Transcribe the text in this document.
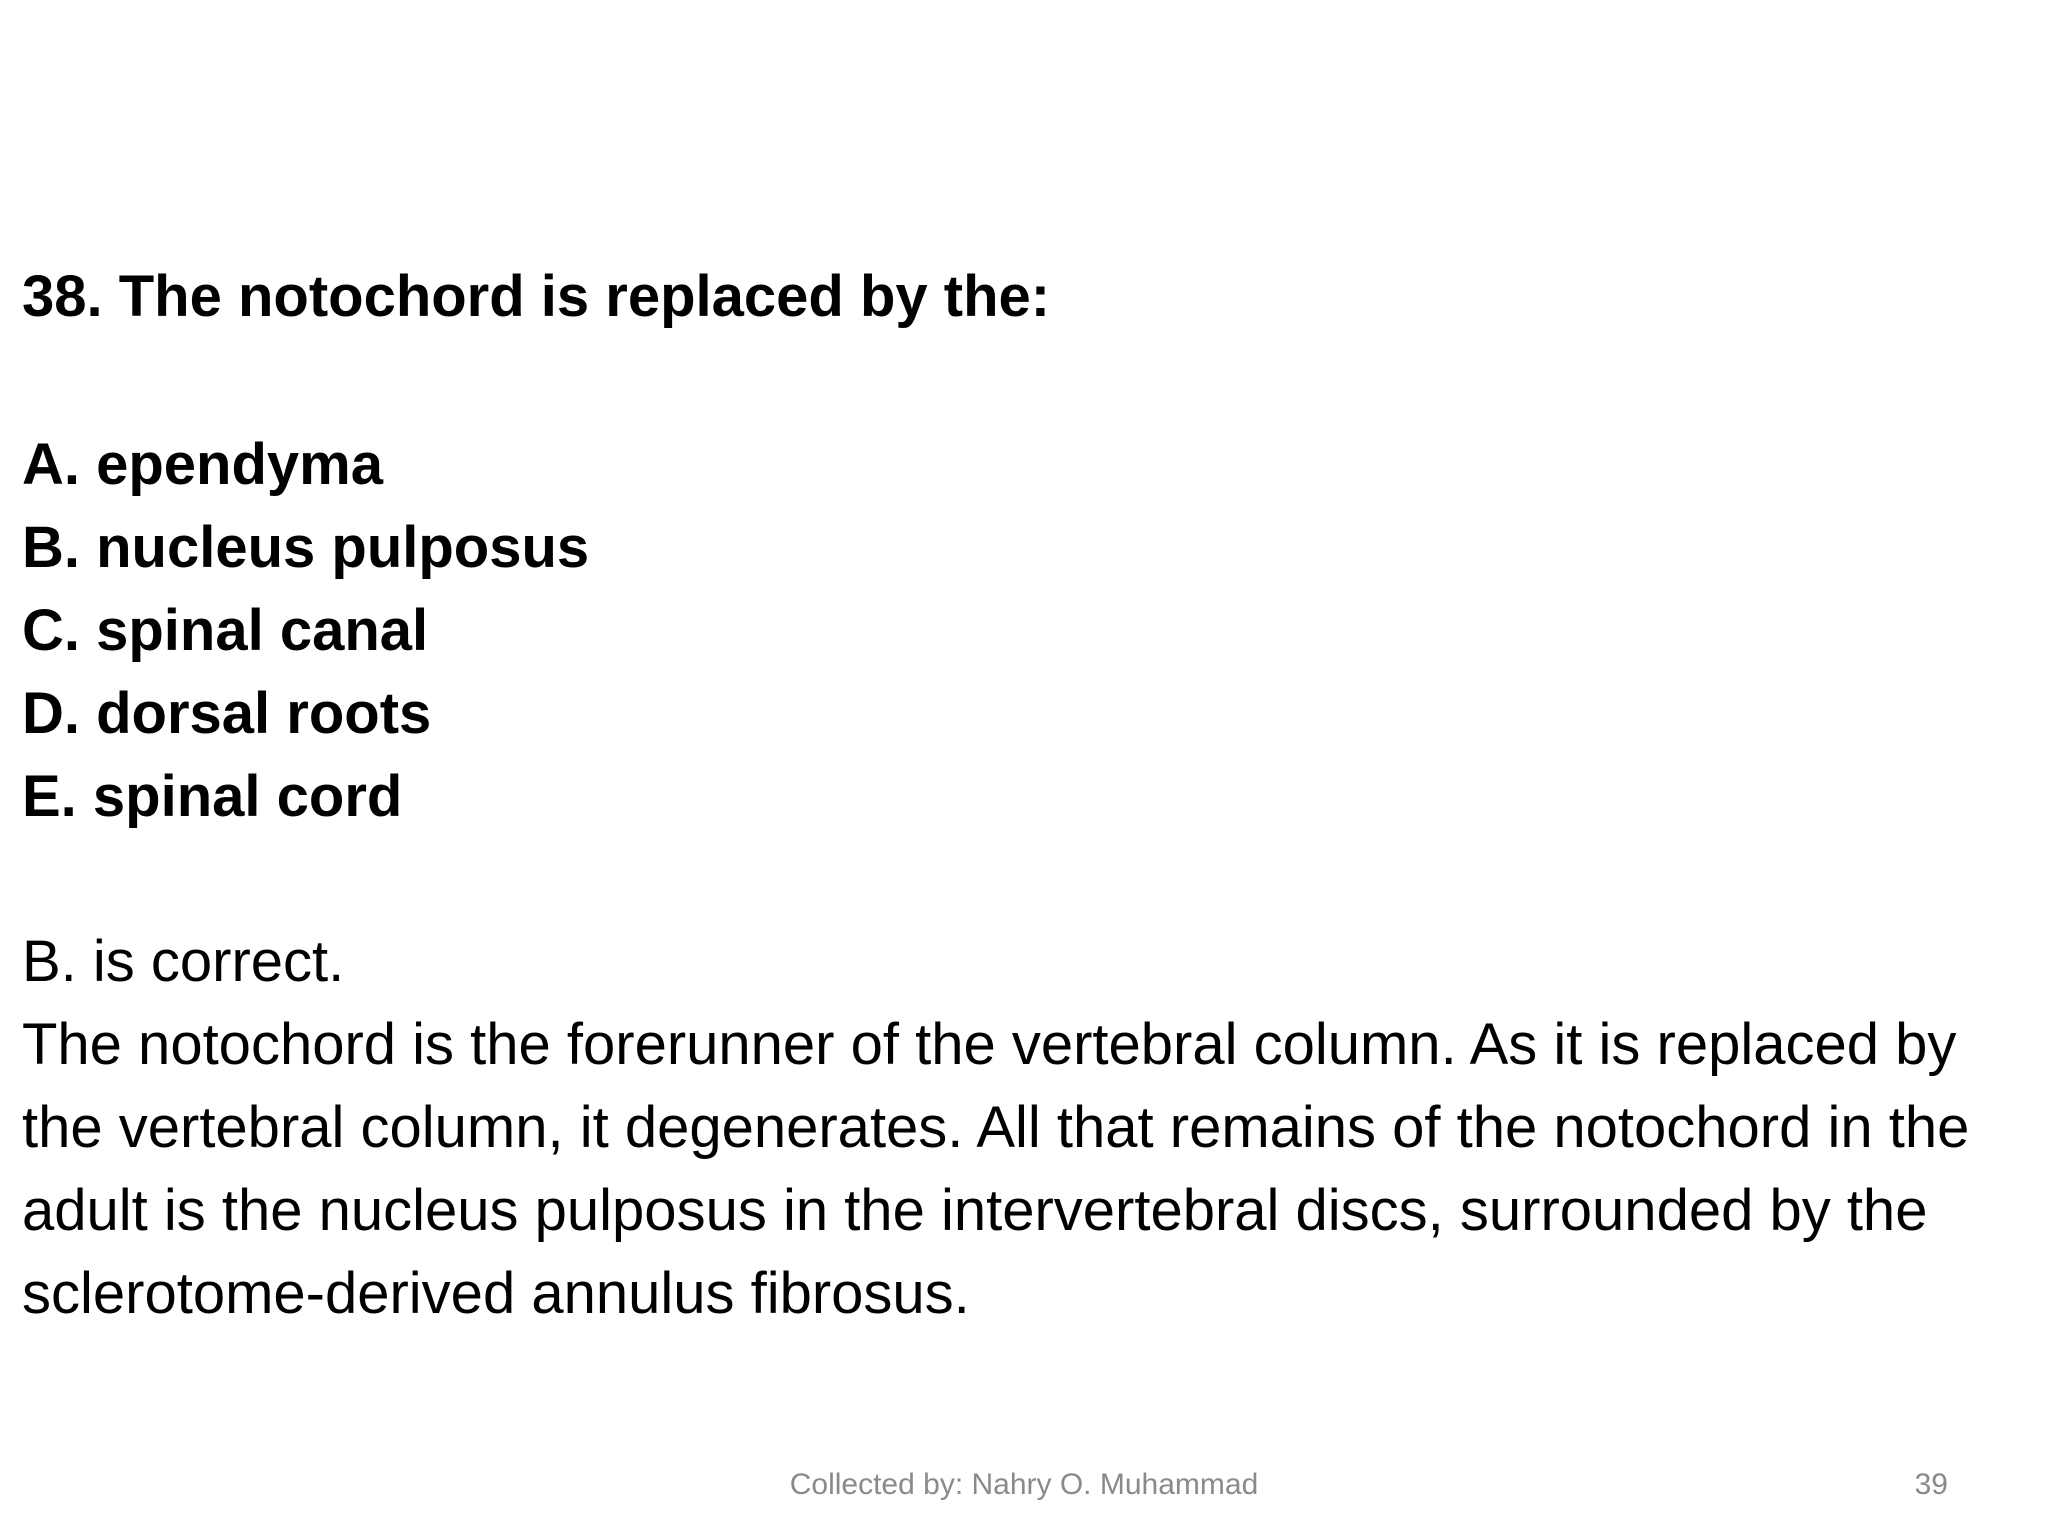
38. The notochord is replaced by the:

A. ependyma
B. nucleus pulposus
C. spinal canal
D. dorsal roots
E. spinal cord

B. is correct.

The notochord is the forerunner of the vertebral column. As it is replaced by the vertebral column, it degenerates. All that remains of the notochord in the adult is the nucleus pulposus in the intervertebral discs, surrounded by the sclerotome-derived annulus fibrosus.

Collected by: Nahry O. Muhammad	39
